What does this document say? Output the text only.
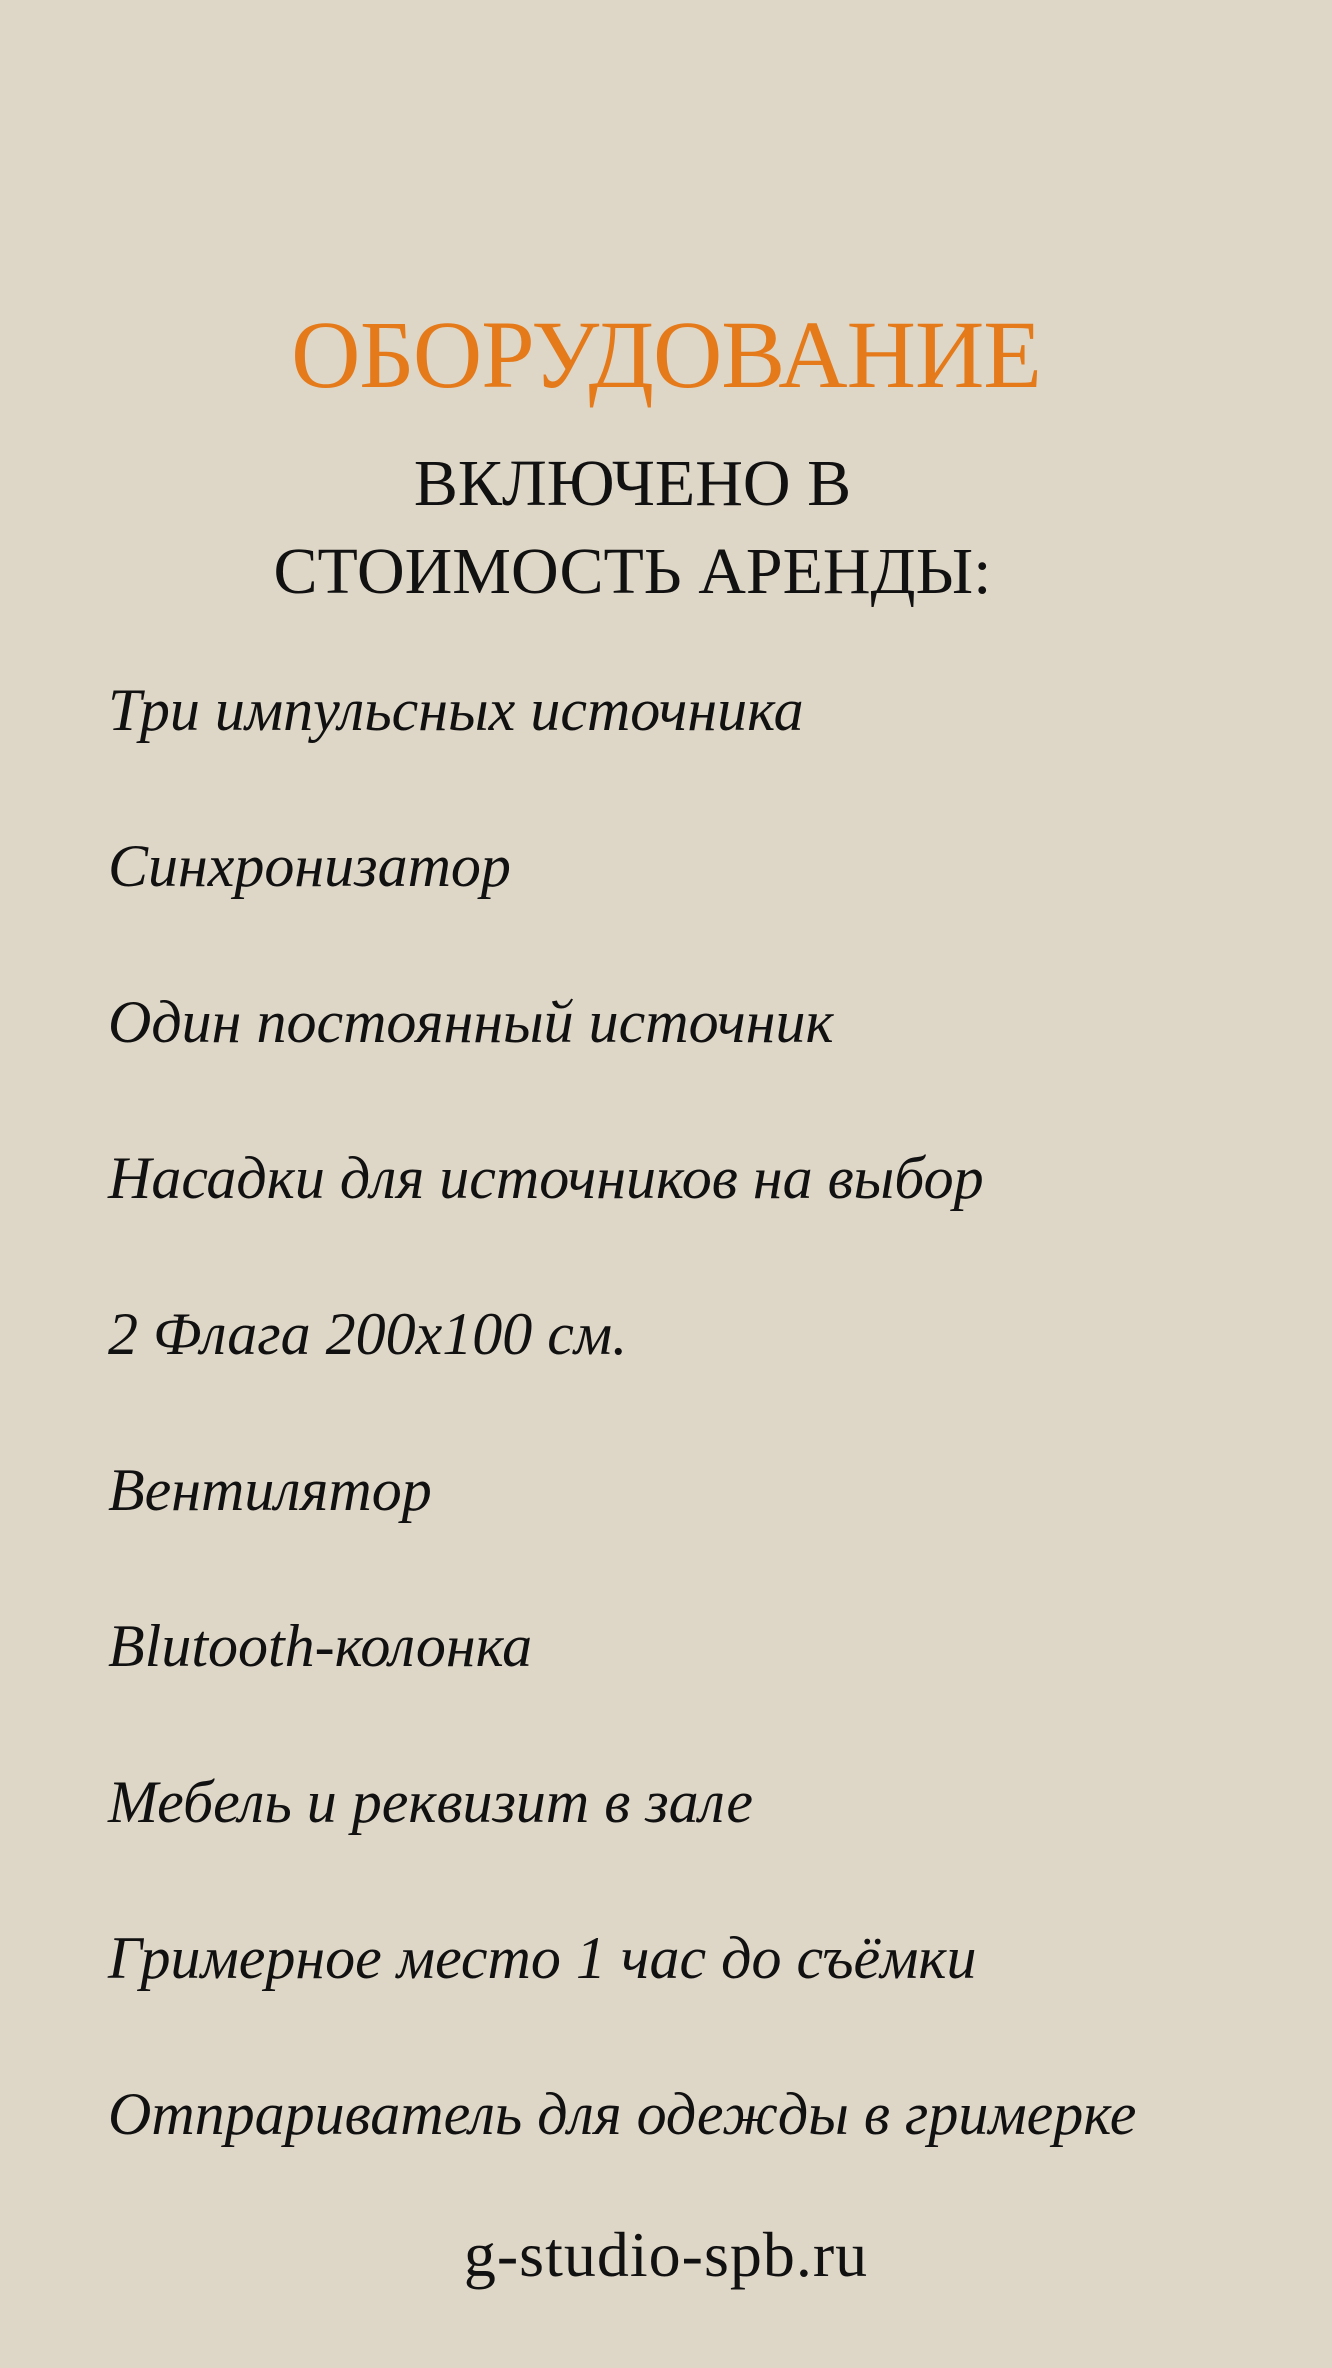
ОБОРУДОВАНИЕ
ВКЛЮЧЕНО В
СТОИМОСТЬ АРЕНДЫ:
Три импульсных источника
Синхронизатор
Один постоянный источник
Насадки для источников на выбор
2 Флага 200х100 см.
Вентилятор
Blutooth-колонка
Мебель и реквизит в зале
Гримерное место 1 час до съёмки
Отпрариватель для одежды в гримерке
g-studio-spb.ru
